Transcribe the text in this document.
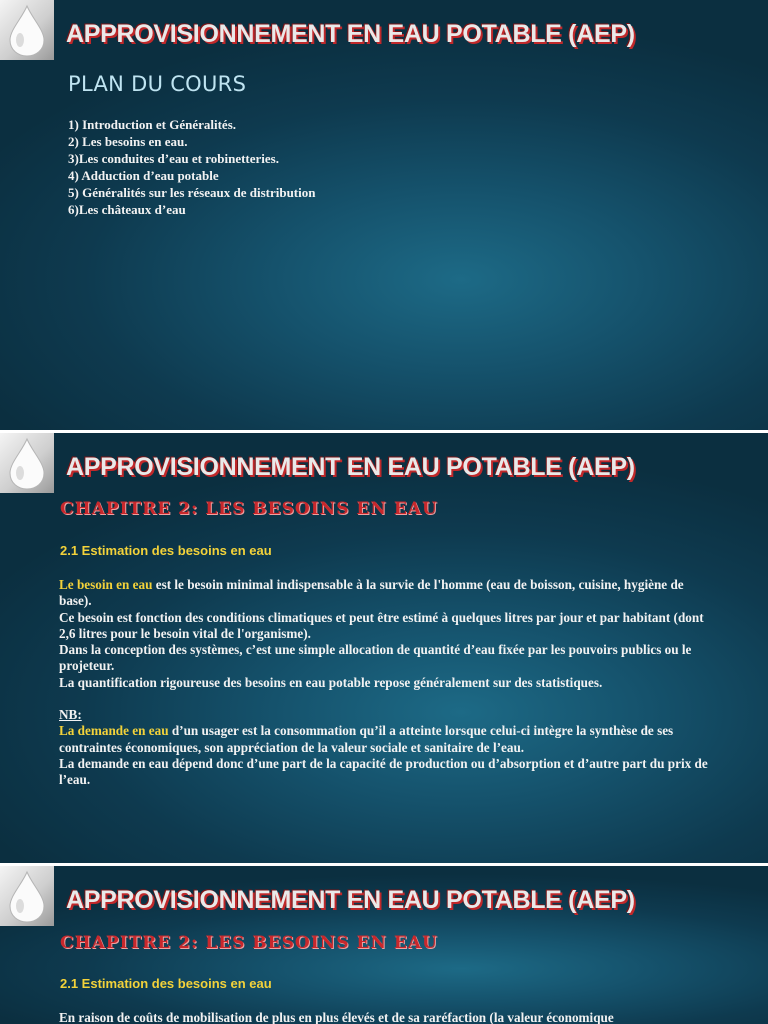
APPROVISIONNEMENT EN EAU POTABLE (AEP)
PLAN DU COURS
1) Introduction et Généralités.
2) Les besoins en eau.
3)Les conduites d’eau et robinetteries.
4) Adduction d’eau potable
5) Généralités sur les réseaux de distribution
6)Les châteaux d’eau
APPROVISIONNEMENT EN EAU POTABLE (AEP)
CHAPITRE 2: LES BESOINS EN EAU
2.1 Estimation des besoins en eau

Le besoin en eau est le besoin minimal indispensable à la survie de l'homme (eau de boisson, cuisine, hygiène de base).

Ce besoin est fonction des conditions climatiques et peut être estimé à quelques litres par jour et par habitant (dont 2,6 litres pour le besoin vital de l'organisme).

Dans la conception des systèmes, c’est une simple allocation de quantité d’eau fixée par les pouvoirs publics ou le projeteur.

La quantification rigoureuse des besoins en eau potable repose généralement sur des statistiques.

NB:

La demande en eau d’un usager est la consommation qu’il a atteinte lorsque celui-ci intègre la synthèse de ses contraintes économiques, son appréciation de la valeur sociale et sanitaire de l’eau.

La demande en eau dépend donc d’une part de la capacité de production ou d’absorption et d’autre part du prix de l’eau.

APPROVISIONNEMENT EN EAU POTABLE (AEP)
CHAPITRE 2: LES BESOINS EN EAU
2.1 Estimation des besoins en eau

En raison de coûts de mobilisation de plus en plus élevés et de sa raréfaction (la valeur économique
